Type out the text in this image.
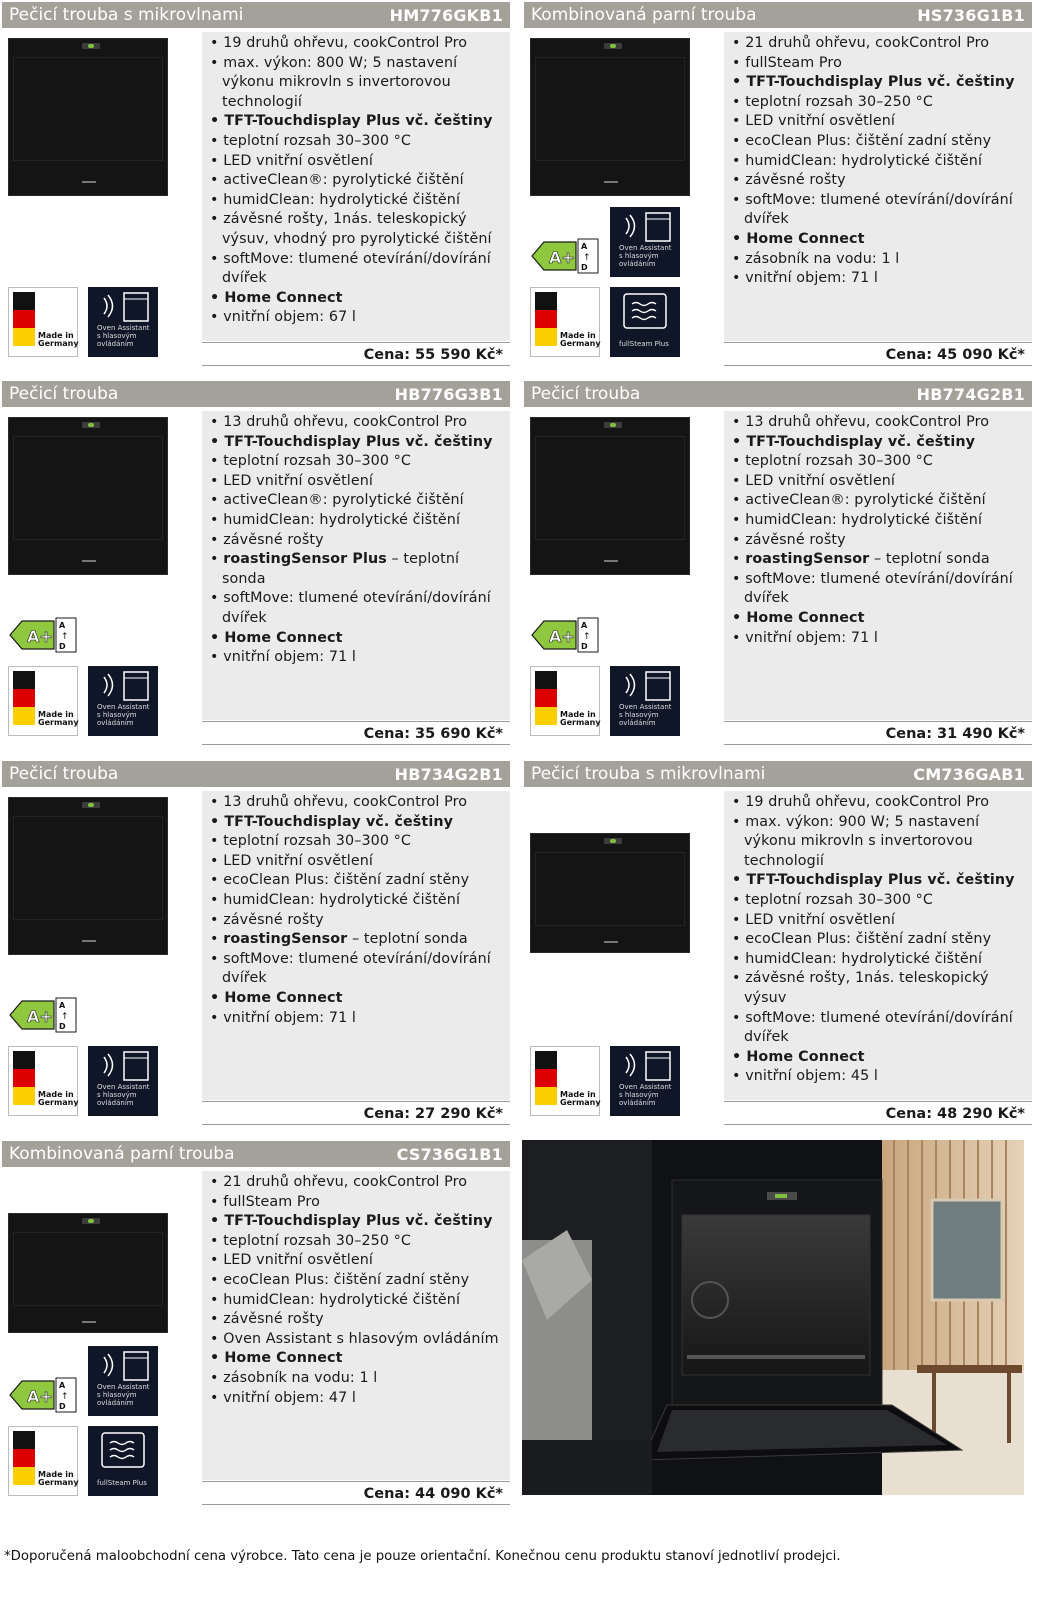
Pečicí trouba s mikrovlnami	HM776GKB1
Made in
Germany
Oven Assistant
s hlasovým
ovládáním
• 19 druhů ohřevu, cookControl Pro
• max. výkon: 800 W; 5 nastavení výkonu mikrovln s invertorovou technologií
• TFT-Touchdisplay Plus vč. češtiny
• teplotní rozsah 30–300 °C
• LED vnitřní osvětlení
• activeClean®: pyrolytické čištění
• humidClean: hydrolytické čištění
• závěsné rošty, 1nás. teleskopický výsuv, vhodný pro pyrolytické čištění
• softMove: tlumené otevírání/dovírání dvířek
• Home Connect
• vnitřní objem: 67 l
Cena: 55 590 Kč*
Kombinovaná parní trouba	HS736G1B1
A+
A
↑
D
Oven Assistant
s hlasovým
ovládáním
Made in
Germany	fullSteam Plus
• 21 druhů ohřevu, cookControl Pro
• fullSteam Pro
• TFT-Touchdisplay Plus vč. češtiny
• teplotní rozsah 30–250 °C
• LED vnitřní osvětlení
• ecoClean Plus: čištění zadní stěny
• humidClean: hydrolytické čištění
• závěsné rošty
• softMove: tlumené otevírání/dovírání dvířek
• Home Connect
• zásobník na vodu: 1 l
• vnitřní objem: 71 l
Cena: 45 090 Kč*
Pečicí trouba	HB776G3B1
A+
A
↑
D
Made in
Germany
Oven Assistant
s hlasovým
ovládáním
• 13 druhů ohřevu, cookControl Pro
• TFT-Touchdisplay Plus vč. češtiny
• teplotní rozsah 30–300 °C
• LED vnitřní osvětlení
• activeClean®: pyrolytické čištění
• humidClean: hydrolytické čištění
• závěsné rošty
• roastingSensor Plus – teplotní sonda
• softMove: tlumené otevírání/dovírání dvířek
• Home Connect
• vnitřní objem: 71 l
Cena: 35 690 Kč*
Pečicí trouba	HB774G2B1
A+
A
↑
D
Made in
Germany
Oven Assistant
s hlasovým
ovládáním
• 13 druhů ohřevu, cookControl Pro
• TFT-Touchdisplay vč. češtiny
• teplotní rozsah 30–300 °C
• LED vnitřní osvětlení
• activeClean®: pyrolytické čištění
• humidClean: hydrolytické čištění
• závěsné rošty
• roastingSensor – teplotní sonda
• softMove: tlumené otevírání/dovírání dvířek
• Home Connect
• vnitřní objem: 71 l
Cena: 31 490 Kč*
Pečicí trouba	HB734G2B1
A+
A
↑
D
Made in
Germany
Oven Assistant
s hlasovým
ovládáním
• 13 druhů ohřevu, cookControl Pro
• TFT-Touchdisplay vč. češtiny
• teplotní rozsah 30–300 °C
• LED vnitřní osvětlení
• ecoClean Plus: čištění zadní stěny
• humidClean: hydrolytické čištění
• závěsné rošty
• roastingSensor – teplotní sonda
• softMove: tlumené otevírání/dovírání dvířek
• Home Connect
• vnitřní objem: 71 l
Cena: 27 290 Kč*
Pečicí trouba s mikrovlnami	CM736GAB1
Made in
Germany
Oven Assistant
s hlasovým
ovládáním
• 19 druhů ohřevu, cookControl Pro
• max. výkon: 900 W; 5 nastavení výkonu mikrovln s invertorovou technologií
• TFT-Touchdisplay Plus vč. češtiny
• teplotní rozsah 30–300 °C
• LED vnitřní osvětlení
• ecoClean Plus: čištění zadní stěny
• humidClean: hydrolytické čištění
• závěsné rošty, 1nás. teleskopický výsuv
• softMove: tlumené otevírání/dovírání dvířek
• Home Connect
• vnitřní objem: 45 l
Cena: 48 290 Kč*
Kombinovaná parní trouba	CS736G1B1
Oven Assistant
s hlasovým
ovládáním
A+
A
↑
D
Made in
Germany	fullSteam Plus
• 21 druhů ohřevu, cookControl Pro
• fullSteam Pro
• TFT-Touchdisplay Plus vč. češtiny
• teplotní rozsah 30–250 °C
• LED vnitřní osvětlení
• ecoClean Plus: čištění zadní stěny
• humidClean: hydrolytické čištění
• závěsné rošty
• Oven Assistant s hlasovým ovládáním
• Home Connect
• zásobník na vodu: 1 l
• vnitřní objem: 47 l
Cena: 44 090 Kč*
*Doporučená maloobchodní cena výrobce. Tato cena je pouze orientační. Konečnou cenu produktu stanoví jednotliví prodejci.
